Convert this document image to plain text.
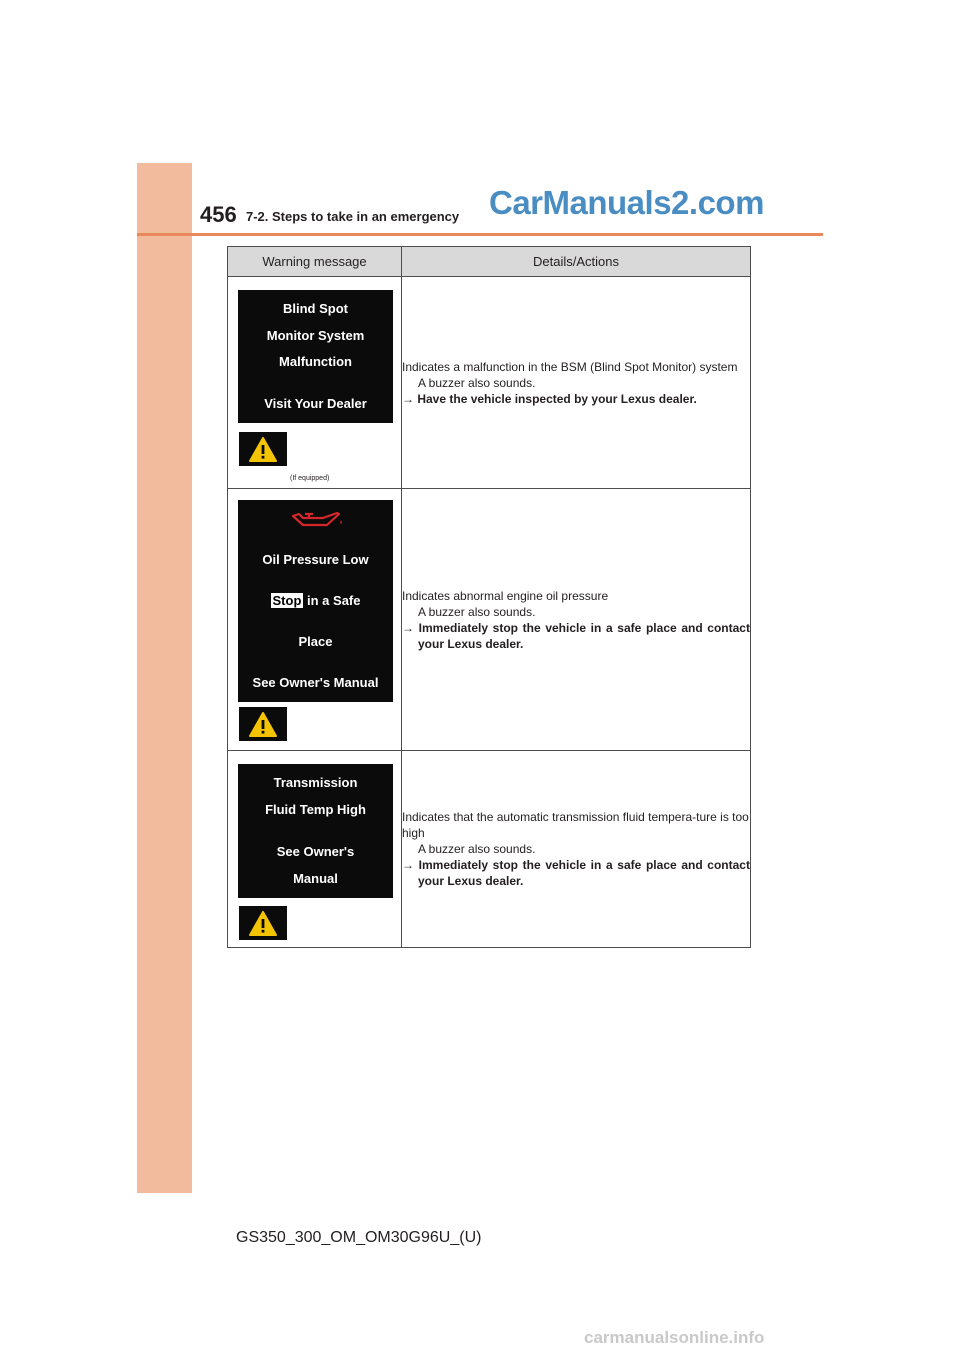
456 7-2. Steps to take in an emergency CarManuals2.com
Warning message	Details/Actions

Blind Spot
Monitor System
Malfunction
Visit Your Dealer
(If equipped)	Indicates a malfunction in the BSM (Blind Spot Monitor) system
A buzzer also sounds.
→ Have the vehicle inspected by your Lexus dealer.

Oil Pressure Low
Stop in a Safe
Place
See Owner's Manual	Indicates abnormal engine oil pressure
A buzzer also sounds.
→ Immediately stop the vehicle in a safe place and contact your Lexus dealer.

Transmission
Fluid Temp High
See Owner's
Manual	Indicates that the automatic transmission fluid tempera-ture is too high
A buzzer also sounds.
→ Immediately stop the vehicle in a safe place and contact your Lexus dealer.
GS350_300_OM_OM30G96U_(U)
carmanualsonline.info
